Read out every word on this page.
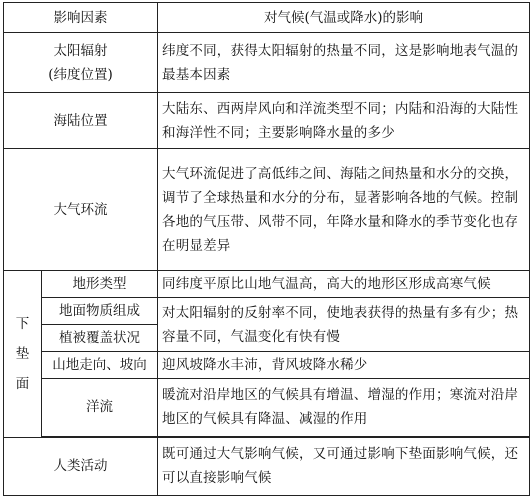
影响因素		对气候(气温或降水)的影响

太阳辐射
(纬度位置)		纬度不同，获得太阳辐射的热量不同，这是影响地表气温的最基本因素
海陆位置		大陆东、西两岸风向和洋流类型不同；内陆和沿海的大陆性和海洋性不同；主要影响降水量的多少
大气环流		大气环流促进了高低纬之间、海陆之间热量和水分的交换，调节了全球热量和水分的分布，显著影响各地的气候。控制各地的气压带、风带不同，年降水量和降水的季节变化也存在明显差异

下
垫
面	地形类型	同纬度平原比山地气温高，高大的地形区形成高寒气候
	地面物质组成	对太阳辐射的反射率不同，使地表获得的热量有多有少；热容量不同，气温变化有快有慢
	植被覆盖状况	
	山地走向、坡向	迎风坡降水丰沛，背风坡降水稀少
	洋流	暖流对沿岸地区的气候具有增温、增湿的作用；寒流对沿岸地区的气候具有降温、减湿的作用

人类活动		既可通过大气影响气候，又可通过影响下垫面影响气候，还可以直接影响气候
